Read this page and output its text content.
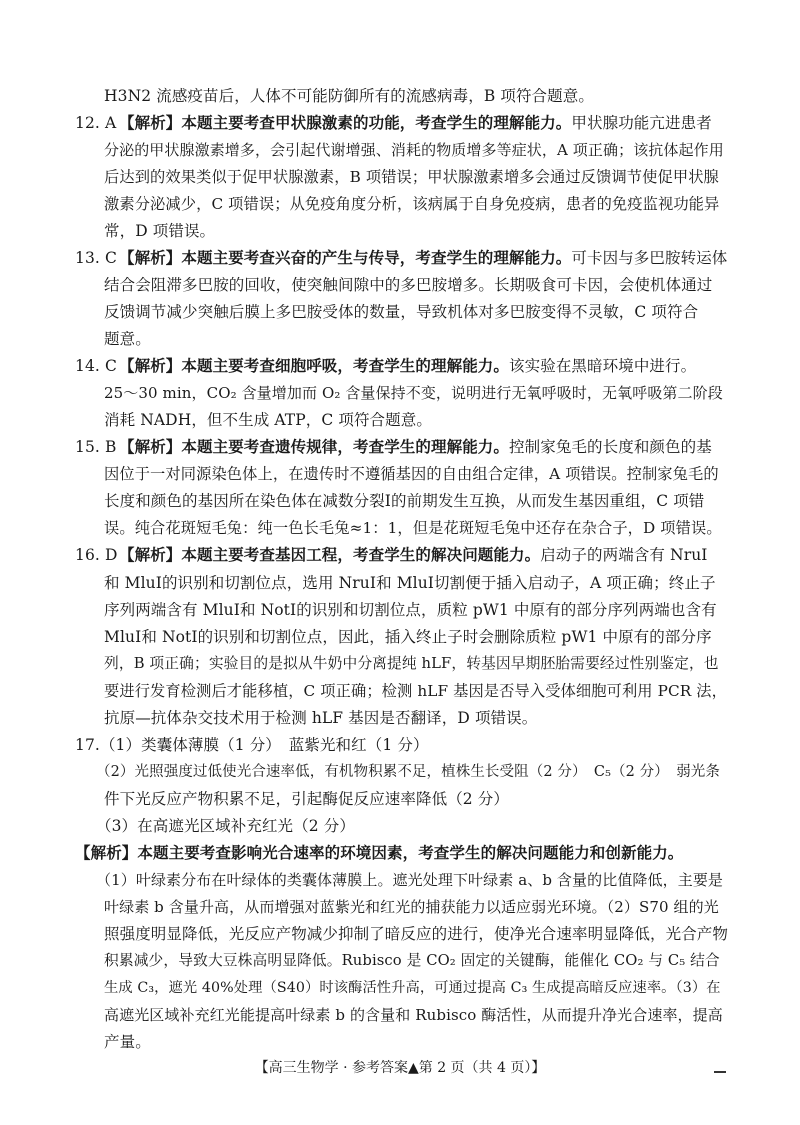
H3N2 流感疫苗后，人体不可能防御所有的流感病毒，B 项符合题意。
12. A 【解析】本题主要考查甲状腺激素的功能，考查学生的理解能力。甲状腺功能亢进患者
分泌的甲状腺激素增多，会引起代谢增强、消耗的物质增多等症状，A 项正确；该抗体起作用
后达到的效果类似于促甲状腺激素，B 项错误；甲状腺激素增多会通过反馈调节使促甲状腺
激素分泌减少，C 项错误；从免疫角度分析，该病属于自身免疫病，患者的免疫监视功能异
常，D 项错误。
13. C 【解析】本题主要考查兴奋的产生与传导，考查学生的理解能力。可卡因与多巴胺转运体
结合会阻滞多巴胺的回收，使突触间隙中的多巴胺增多。长期吸食可卡因，会使机体通过
反馈调节减少突触后膜上多巴胺受体的数量，导致机体对多巴胺变得不灵敏，C 项符合
题意。
14. C 【解析】本题主要考查细胞呼吸，考查学生的理解能力。该实验在黑暗环境中进行。
25～30 min，CO₂ 含量增加而 O₂ 含量保持不变，说明进行无氧呼吸时，无氧呼吸第二阶段
消耗 NADH，但不生成 ATP，C 项符合题意。
15. B 【解析】本题主要考查遗传规律，考查学生的理解能力。控制家兔毛的长度和颜色的基
因位于一对同源染色体上，在遗传时不遵循基因的自由组合定律，A 项错误。控制家兔毛的
长度和颜色的基因所在染色体在减数分裂Ⅰ的前期发生互换，从而发生基因重组，C 项错
误。纯合花斑短毛兔：纯一色长毛兔≈1：1，但是花斑短毛兔中还存在杂合子，D 项错误。
16. D【解析】本题主要考查基因工程，考查学生的解决问题能力。启动子的两端含有 NruⅠ
和 MluⅠ的识别和切割位点，选用 NruⅠ和 MluⅠ切割便于插入启动子，A 项正确；终止子
序列两端含有 MluⅠ和 NotⅠ的识别和切割位点，质粒 pW1 中原有的部分序列两端也含有
MluⅠ和 NotⅠ的识别和切割位点，因此，插入终止子时会删除质粒 pW1 中原有的部分序
列，B 项正确；实验目的是拟从牛奶中分离提纯 hLF，转基因早期胚胎需要经过性别鉴定，也
要进行发育检测后才能移植，C 项正确；检测 hLF 基因是否导入受体细胞可利用 PCR 法，
抗原—抗体杂交技术用于检测 hLF 基因是否翻译，D 项错误。
17.（1）类囊体薄膜（1 分）　蓝紫光和红（1 分）
（2）光照强度过低使光合速率低，有机物积累不足，植株生长受阻（2 分）　C₅（2 分）　弱光条
件下光反应产物积累不足，引起酶促反应速率降低（2 分）
（3）在高遮光区域补充红光（2 分）
【解析】本题主要考查影响光合速率的环境因素，考查学生的解决问题能力和创新能力。
（1）叶绿素分布在叶绿体的类囊体薄膜上。遮光处理下叶绿素 a、b 含量的比值降低，主要是
叶绿素 b 含量升高，从而增强对蓝紫光和红光的捕获能力以适应弱光环境。（2）S70 组的光
照强度明显降低，光反应产物减少抑制了暗反应的进行，使净光合速率明显降低，光合产物
积累减少，导致大豆株高明显降低。Rubisco 是 CO₂ 固定的关键酶，能催化 CO₂ 与 C₅ 结合
生成 C₃，遮光 40%处理（S40）时该酶活性升高，可通过提高 C₃ 生成提高暗反应速率。（3）在
高遮光区域补充红光能提高叶绿素 b 的含量和 Rubisco 酶活性，从而提升净光合速率，提高
产量。
【高三生物学 · 参考答案▲第 2 页（共 4 页）】
